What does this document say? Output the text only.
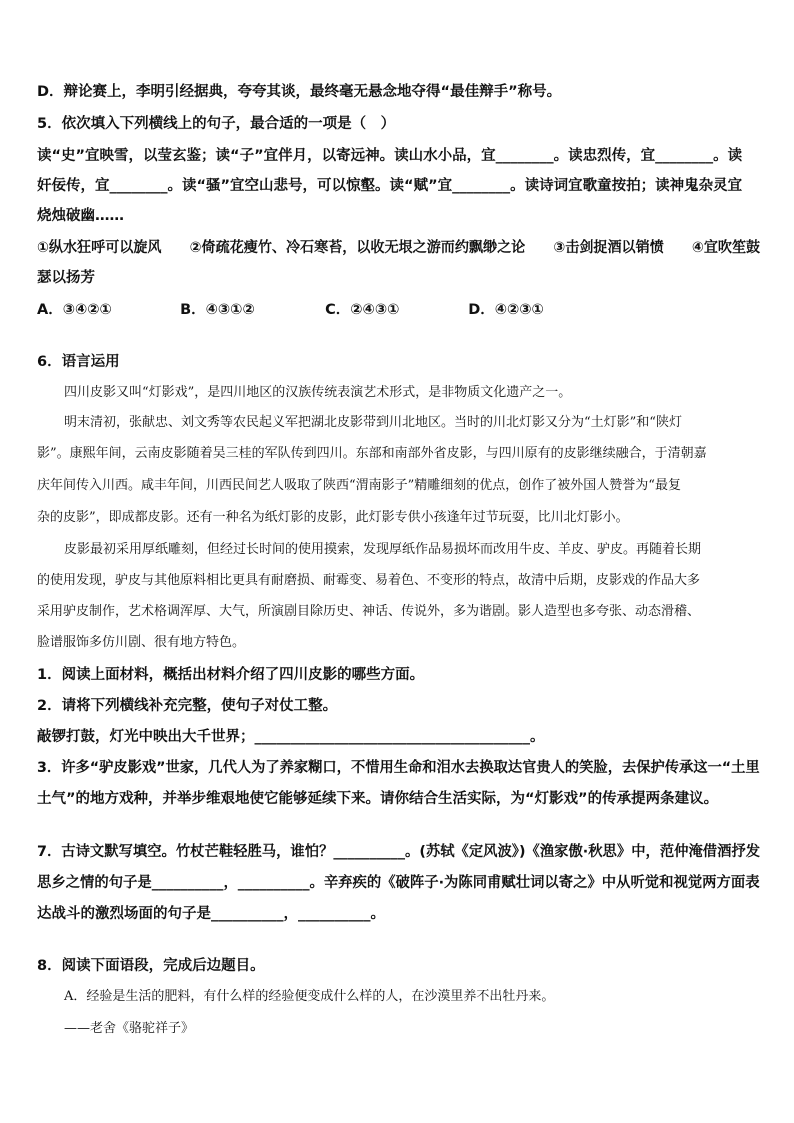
D．辩论赛上，李明引经据典，夸夸其谈，最终毫无悬念地夺得“最佳辩手”称号。
5．依次填入下列横线上的句子，最合适的一项是（　）
读“史”宜映雪，以莹玄鉴；读“子”宜伴月，以寄远神。读山水小品，宜________。读忠烈传，宜________。读
奸佞传，宜________。读“骚”宜空山悲号，可以惊壑。读“赋”宜________。读诗词宜歌童按拍；读神鬼杂灵宜
烧烛破幽……
①纵水狂呼可以旋风　　②倚疏花瘦竹、冷石寒苔，以收无垠之游而约飘缈之论　　③击剑捉酒以销愤　　④宜吹笙鼓
瑟以扬芳
A．③④②①	B．④③①②	C．②④③①	D．④②③①
6．语言运用
四川皮影又叫“灯影戏”，是四川地区的汉族传统表演艺术形式，是非物质文化遗产之一。
明末清初，张献忠、刘文秀等农民起义军把湖北皮影带到川北地区。当时的川北灯影又分为“土灯影”和“陕灯
影”。康熙年间，云南皮影随着吴三桂的军队传到四川。东部和南部外省皮影，与四川原有的皮影继续融合，于清朝嘉
庆年间传入川西。咸丰年间，川西民间艺人吸取了陕西“渭南影子”精雕细刻的优点，创作了被外国人赞誉为“最复
杂的皮影”，即成都皮影。还有一种名为纸灯影的皮影，此灯影专供小孩逢年过节玩耍，比川北灯影小。
皮影最初采用厚纸雕刻，但经过长时间的使用摸索，发现厚纸作品易损坏而改用牛皮、羊皮、驴皮。再随着长期
的使用发现，驴皮与其他原料相比更具有耐磨损、耐霉变、易着色、不变形的特点，故清中后期，皮影戏的作品大多
采用驴皮制作，艺术格调浑厚、大气，所演剧目除历史、神话、传说外，多为谐剧。影人造型也多夸张、动态滑稽、
脸谱服饰多仿川剧、很有地方特色。
1．阅读上面材料，概括出材料介绍了四川皮影的哪些方面。
2．请将下列横线补充完整，使句子对仗工整。
敲锣打鼓，灯光中映出大千世界；______________________________________。
3．许多“驴皮影戏”世家，几代人为了养家糊口，不惜用生命和泪水去换取达官贵人的笑脸，去保护传承这一“土里
土气”的地方戏种，并举步维艰地使它能够延续下来。请你结合生活实际，为“灯影戏”的传承提两条建议。
7．古诗文默写填空。竹杖芒鞋轻胜马，谁怕？__________。(苏轼《定风波》)《渔家傲·秋思》中，范仲淹借酒抒发
思乡之情的句子是__________，__________。辛弃疾的《破阵子·为陈同甫赋壮词以寄之》中从听觉和视觉两方面表
达战斗的激烈场面的句子是__________，__________。
8．阅读下面语段，完成后边题目。
A．经验是生活的肥料，有什么样的经验便变成什么样的人，在沙漠里养不出牡丹来。
——老舍《骆驼祥子》
